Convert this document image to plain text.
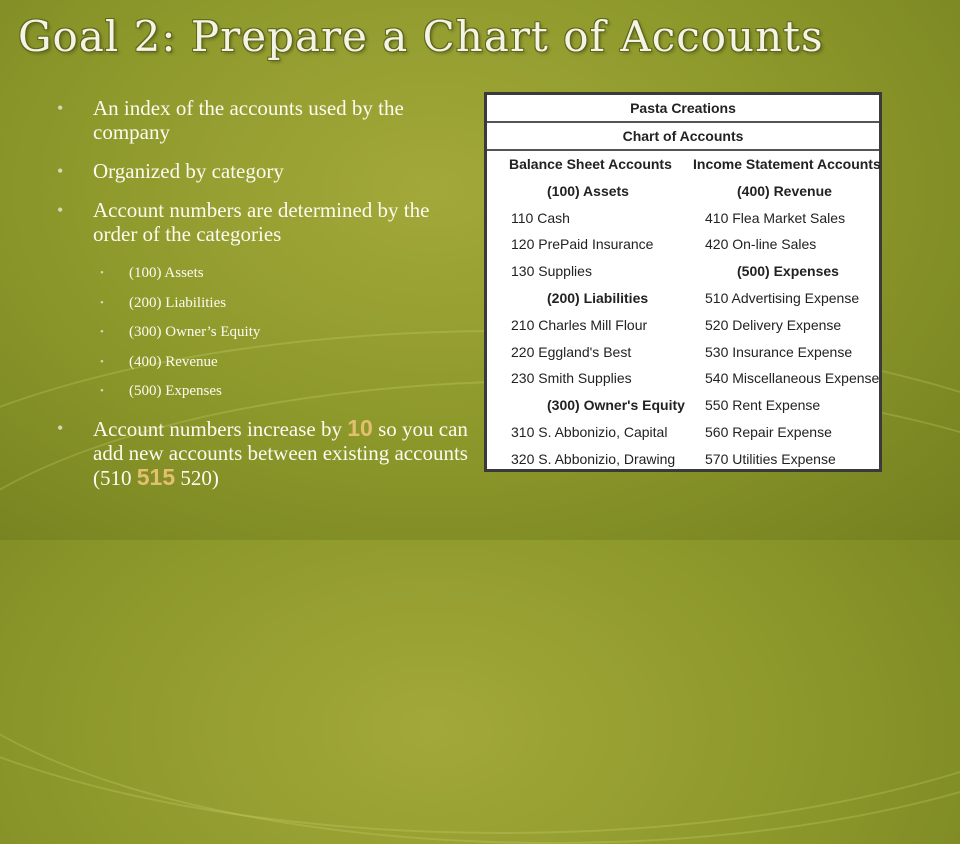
Goal 2: Prepare a Chart of Accounts
• An index of the accounts used by the company
• Organized by category
• Account numbers are determined by the order of the categories
• (100) Assets
• (200) Liabilities
• (300) Owner’s Equity
• (400) Revenue
• (500) Expenses
• Account numbers increase by 10 so you can add new accounts between existing accounts (510 515 520)
Pasta Creations
Chart of Accounts
Balance Sheet Accounts Income Statement Accounts
(100) Assets
110 Cash
120 PrePaid Insurance
130 Supplies
(200) Liabilities
210 Charles Mill Flour
220 Eggland's Best
230 Smith Supplies
(300) Owner's Equity
310 S. Abbonizio, Capital
320 S. Abbonizio, Drawing
(400) Revenue
410 Flea Market Sales
420 On-line Sales
(500) Expenses
510 Advertising Expense
520 Delivery Expense
530 Insurance Expense
540 Miscellaneous Expense
550 Rent Expense
560 Repair Expense
570 Utilities Expense
